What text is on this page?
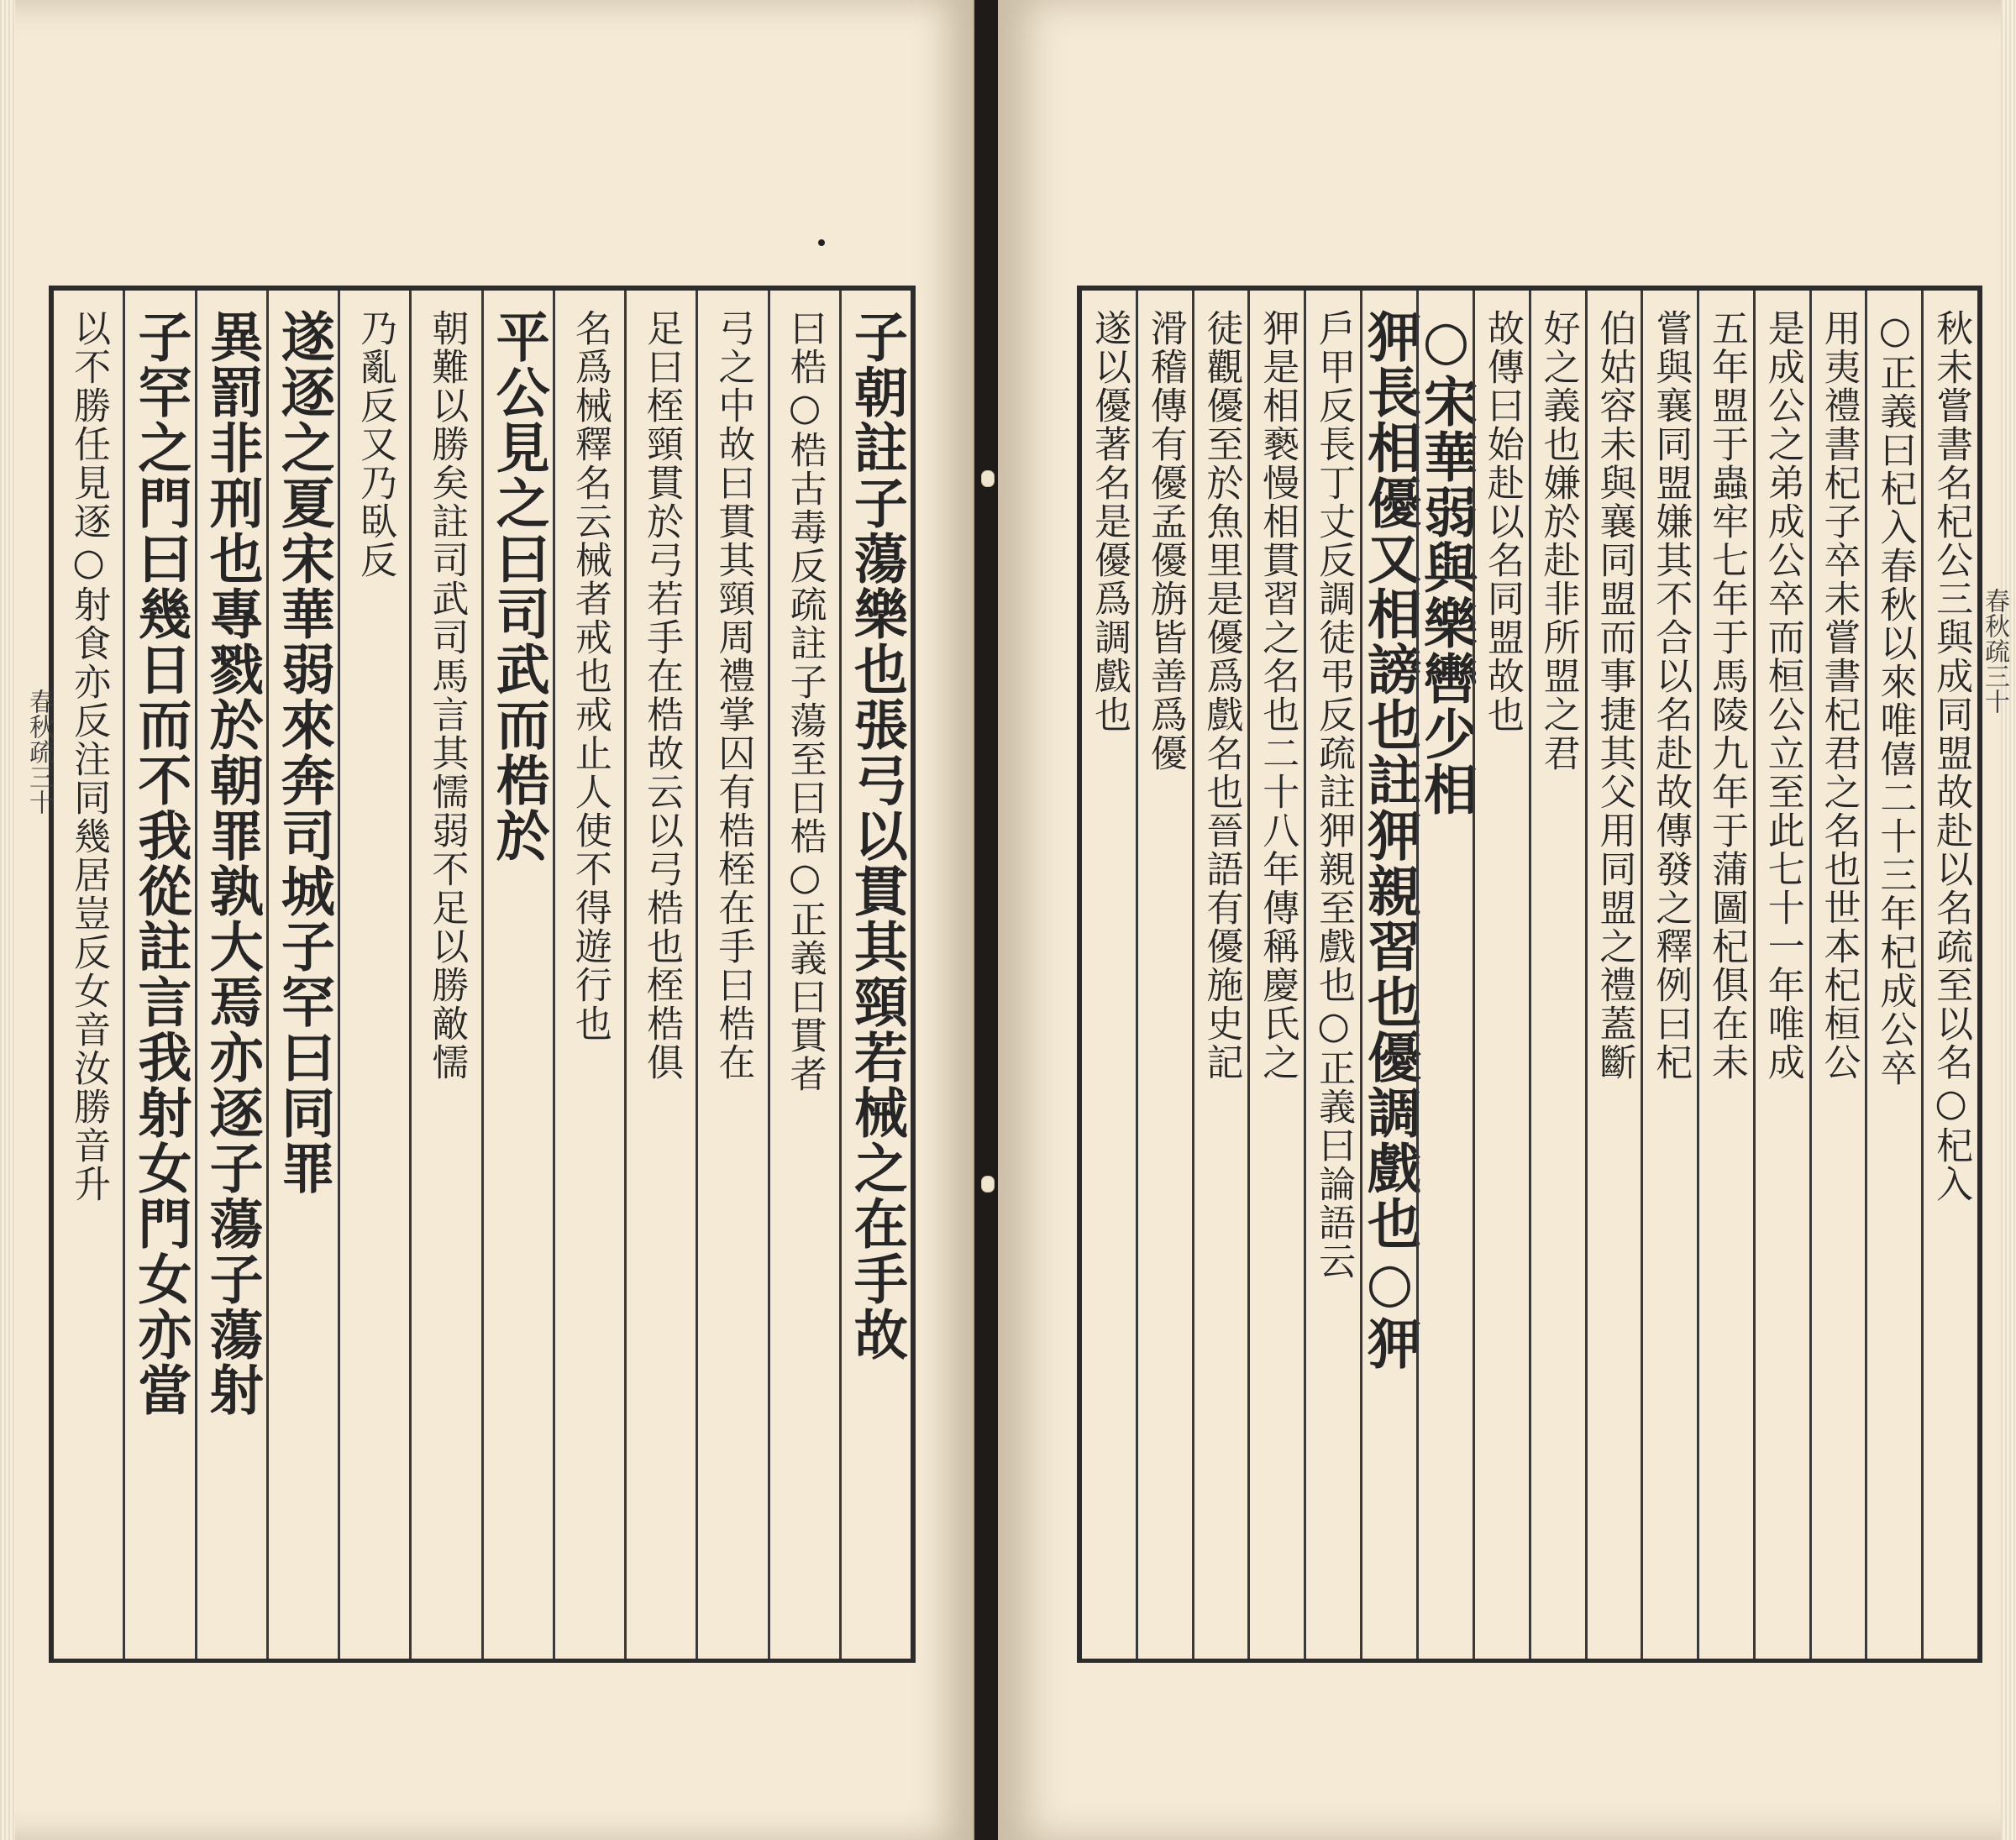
子朝註子蕩樂也張弓以貫其頸若械之在手故
曰梏○梏古毒反疏註子蕩至曰梏○正義曰貫者
弓之中故曰貫其頸周禮掌囚有梏桎在手曰梏在
足曰桎頸貫於弓若手在梏故云以弓梏也桎梏俱
名爲械釋名云械者戒也戒止人使不得遊行也
平公見之曰司武而梏於
朝難以勝矣註司武司馬言其懦弱不足以勝敵懦
乃亂反又乃臥反
遂逐之夏宋華弱來奔司城子罕曰同罪
異罰非刑也專戮於朝罪孰大焉亦逐子蕩子蕩射
子罕之門曰幾日而不我從註言我射女門女亦當
以不勝任見逐○射食亦反注同幾居豈反女音汝勝音升
春秋疏三十	秋未嘗書名杞公三與成同盟故赴以名疏至以名○杞入
○正義曰杞入春秋以來唯僖二十三年杞成公卒
用夷禮書杞子卒未嘗書杞君之名也世本杞桓公
是成公之弟成公卒而桓公立至此七十一年唯成
五年盟于蟲牢七年于馬陵九年于蒲圖杞俱在未
嘗與襄同盟嫌其不合以名赴故傳發之釋例曰杞
伯姑容未與襄同盟而事捷其父用同盟之禮蓋斷
好之義也嫌於赴非所盟之君
故傳曰始赴以名同盟故也
○宋華弱與樂轡少相
狎長相優又相謗也註狎親習也優調戲也○狎
戶甲反長丁丈反調徒弔反疏註狎親至戲也○正義曰論語云
狎是相褻慢相貫習之名也二十八年傳稱慶氏之
徒觀優至於魚里是優爲戲名也晉語有優施史記
滑稽傳有優孟優旃皆善爲優
遂以優著名是優爲調戲也	春秋疏三十
